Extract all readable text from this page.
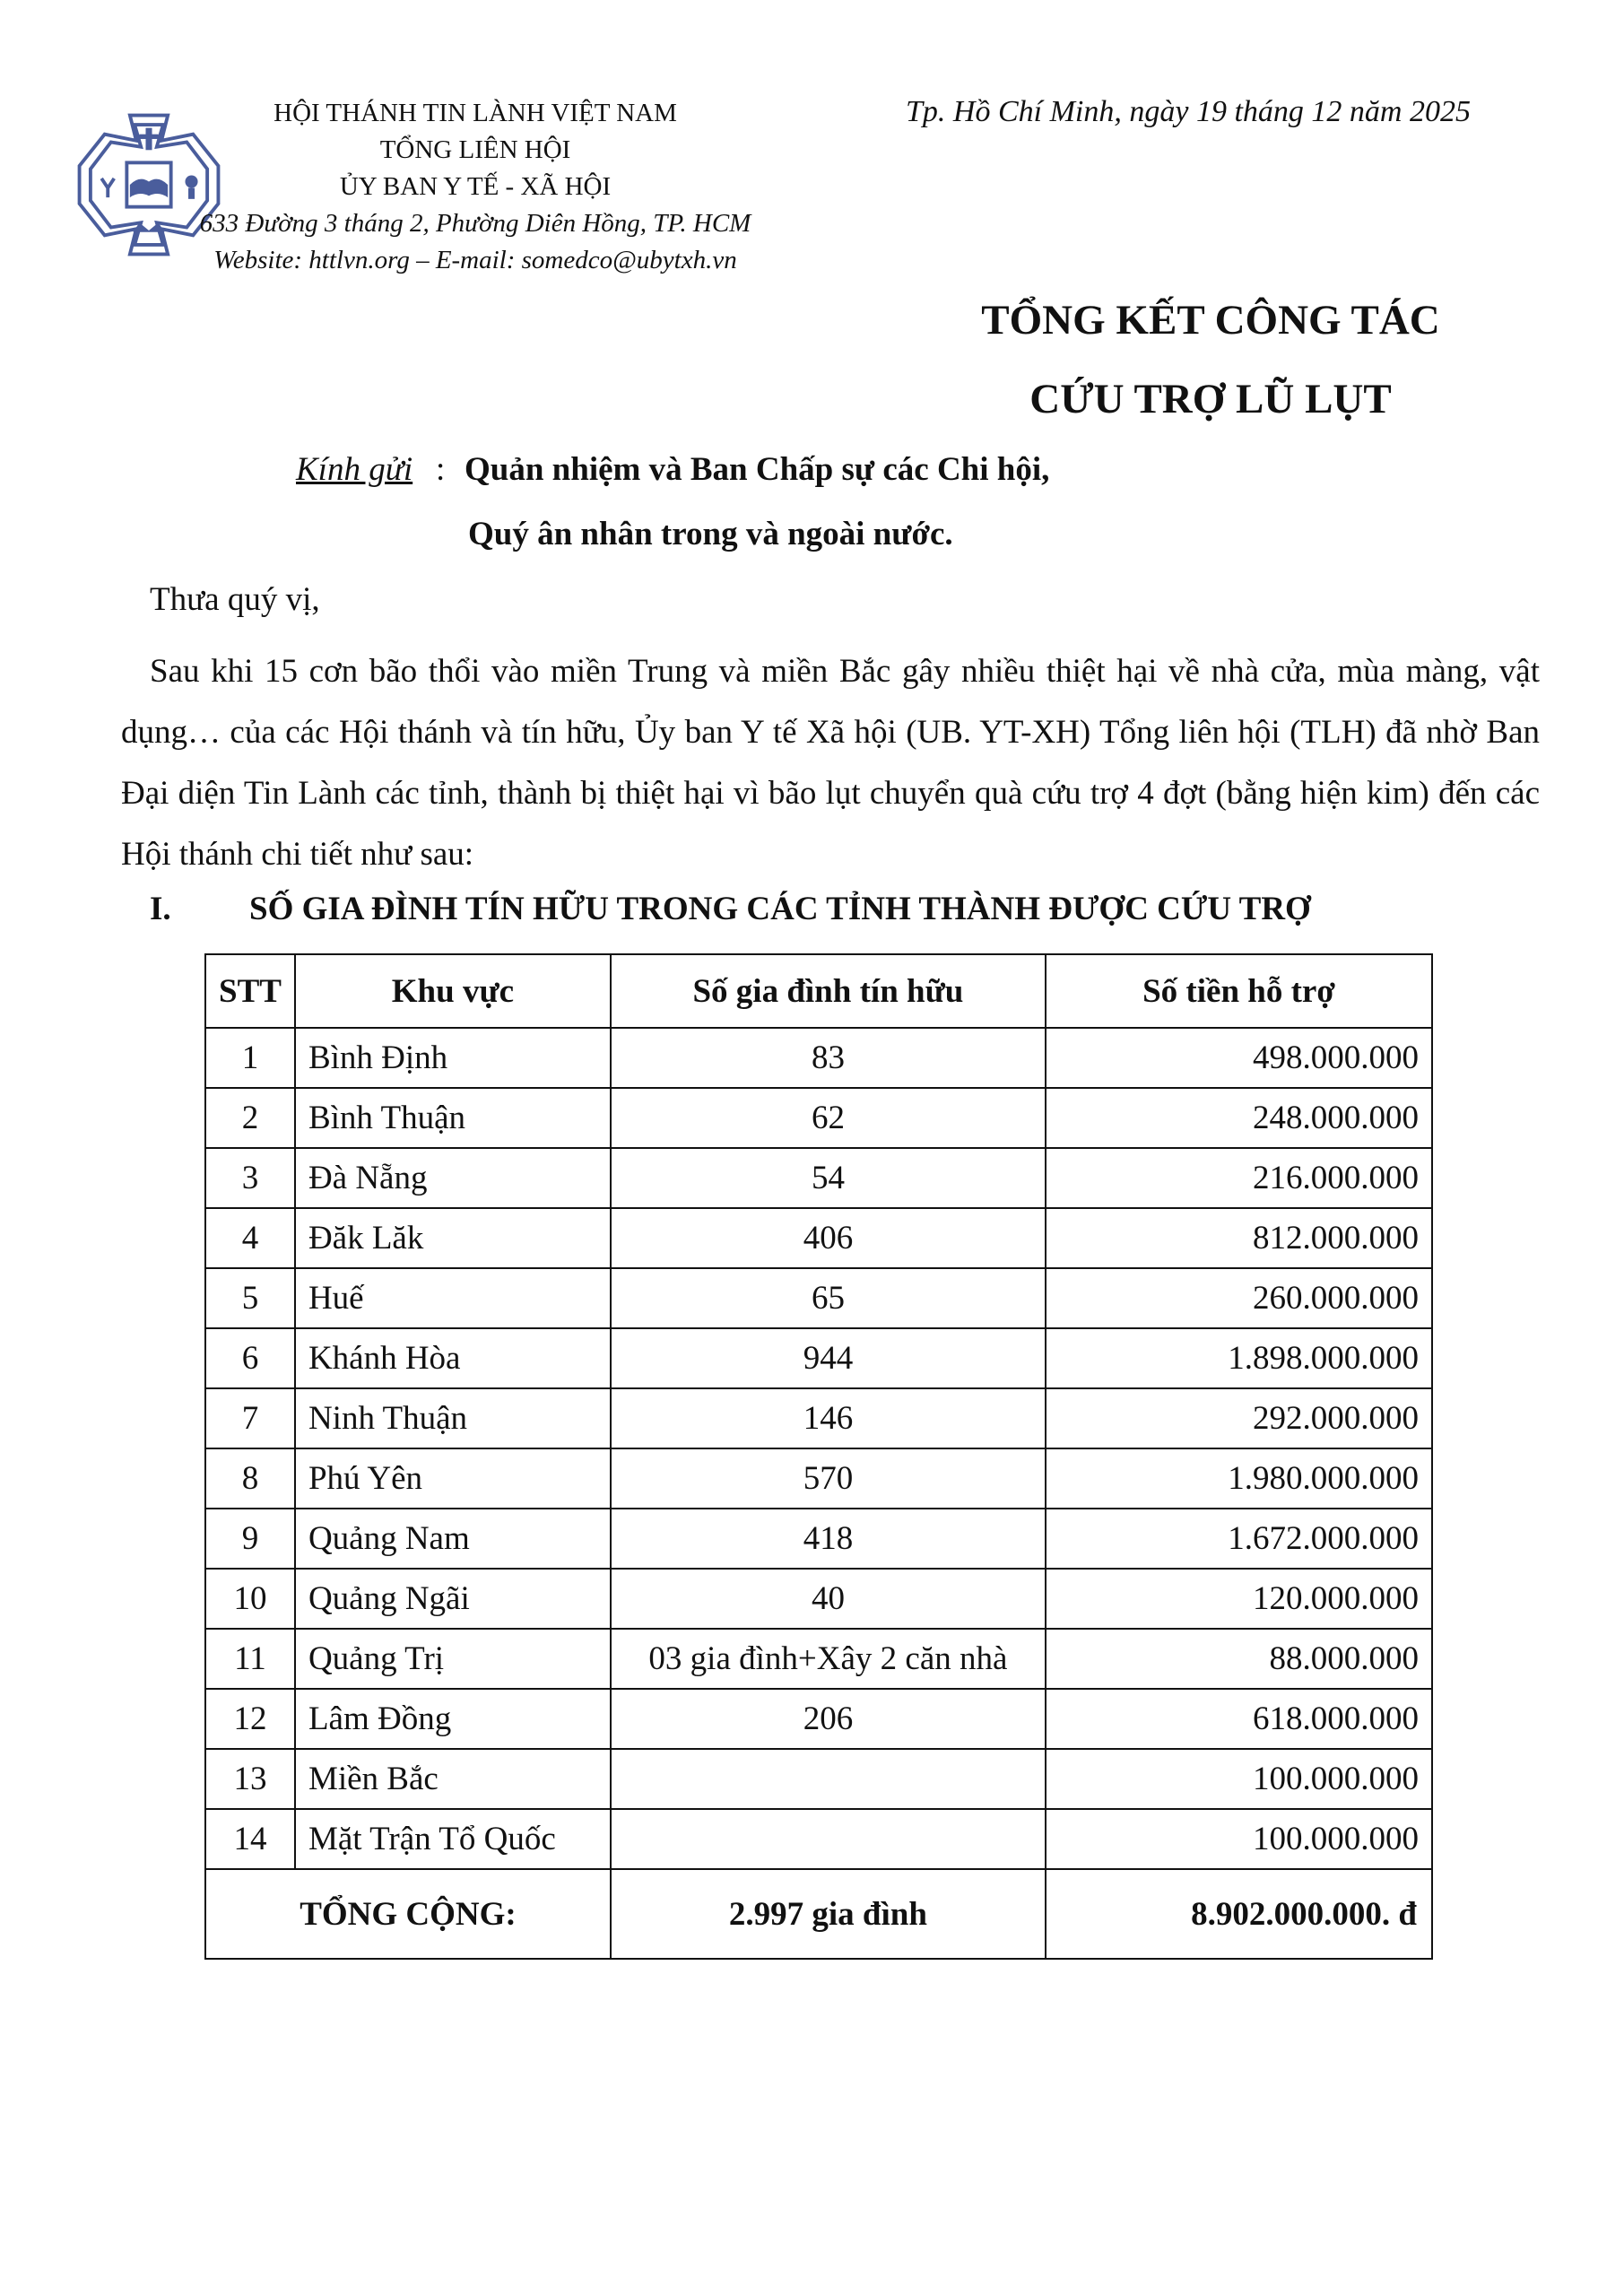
HỘI THÁNH TIN LÀNH VIỆT NAM
TỔNG LIÊN HỘI
ỦY BAN Y TẾ - XÃ HỘI
633 Đường 3 tháng 2, Phường Diên Hồng, TP. HCM
Website: httlvn.org – E-mail: somedco@ubytxh.vn
Tp. Hồ Chí Minh, ngày 19 tháng 12 năm 2025
TỔNG KẾT CÔNG TÁC
CỨU TRỢ LŨ LỤT
Kính gửi : Quản nhiệm và Ban Chấp sự các Chi hội,
Quý ân nhân trong và ngoài nước.
Thưa quý vị,
Sau khi 15 cơn bão thổi vào miền Trung và miền Bắc gây nhiều thiệt hại về nhà cửa, mùa màng, vật dụng… của các Hội thánh và tín hữu, Ủy ban Y tế Xã hội (UB. YT-XH) Tổng liên hội (TLH) đã nhờ Ban Đại diện Tin Lành các tỉnh, thành bị thiệt hại vì bão lụt chuyển quà cứu trợ 4 đợt (bằng hiện kim) đến các Hội thánh chi tiết như sau:
I. SỐ GIA ĐÌNH TÍN HỮU TRONG CÁC TỈNH THÀNH ĐƯỢC CỨU TRỢ
STT	Khu vực	Số gia đình tín hữu	Số tiền hỗ trợ
1	Bình Định	83	498.000.000
2	Bình Thuận	62	248.000.000
3	Đà Nẵng	54	216.000.000
4	Đăk Lăk	406	812.000.000
5	Huế	65	260.000.000
6	Khánh Hòa	944	1.898.000.000
7	Ninh Thuận	146	292.000.000
8	Phú Yên	570	1.980.000.000
9	Quảng Nam	418	1.672.000.000
10	Quảng Ngãi	40	120.000.000
11	Quảng Trị	03 gia đình+Xây 2 căn nhà	88.000.000
12	Lâm Đồng	206	618.000.000
13	Miền Bắc		100.000.000
14	Mặt Trận Tổ Quốc		100.000.000
TỔNG CỘNG:		2.997 gia đình	8.902.000.000. đ
